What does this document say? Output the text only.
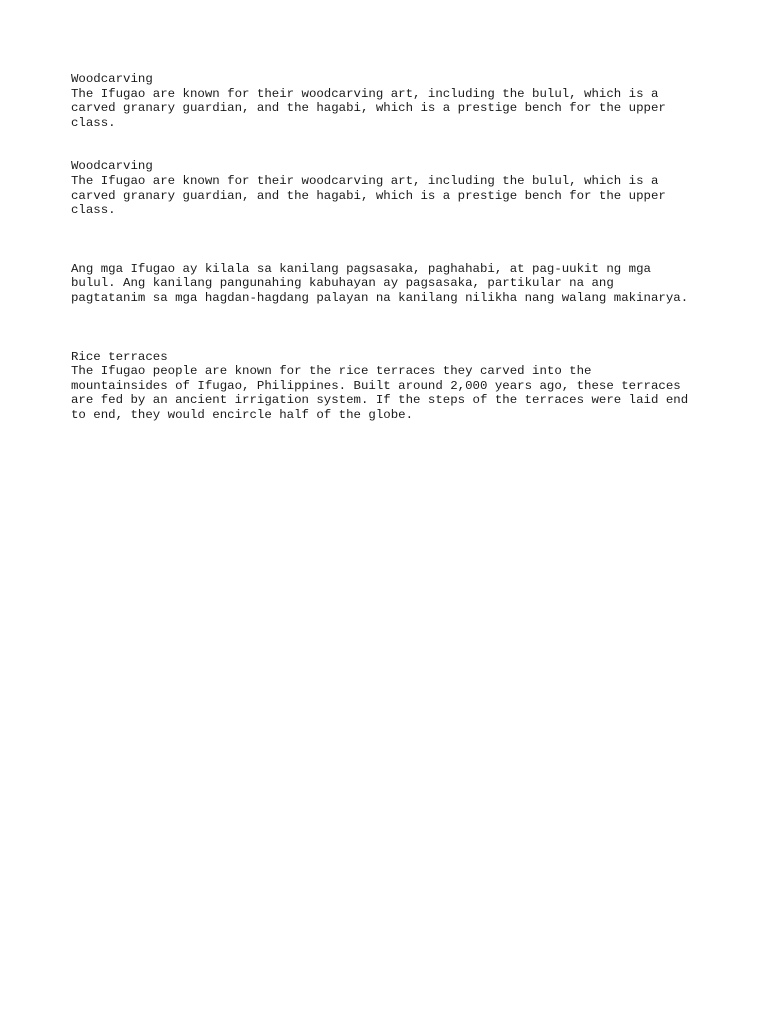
Woodcarving

The Ifugao are known for their woodcarving art, including the bulul, which is a
carved granary guardian, and the hagabi, which is a prestige bench for the upper
class.

Woodcarving

The Ifugao are known for their woodcarving art, including the bulul, which is a
carved granary guardian, and the hagabi, which is a prestige bench for the upper
class.

Ang mga Ifugao ay kilala sa kanilang pagsasaka, paghahabi, at pag-uukit ng mga
bulul. Ang kanilang pangunahing kabuhayan ay pagsasaka, partikular na ang
pagtatanim sa mga hagdan-hagdang palayan na kanilang nilikha nang walang makinarya.

Rice terraces

The Ifugao people are known for the rice terraces they carved into the
mountainsides of Ifugao, Philippines. Built around 2,000 years ago, these terraces
are fed by an ancient irrigation system. If the steps of the terraces were laid end
to end, they would encircle half of the globe.
